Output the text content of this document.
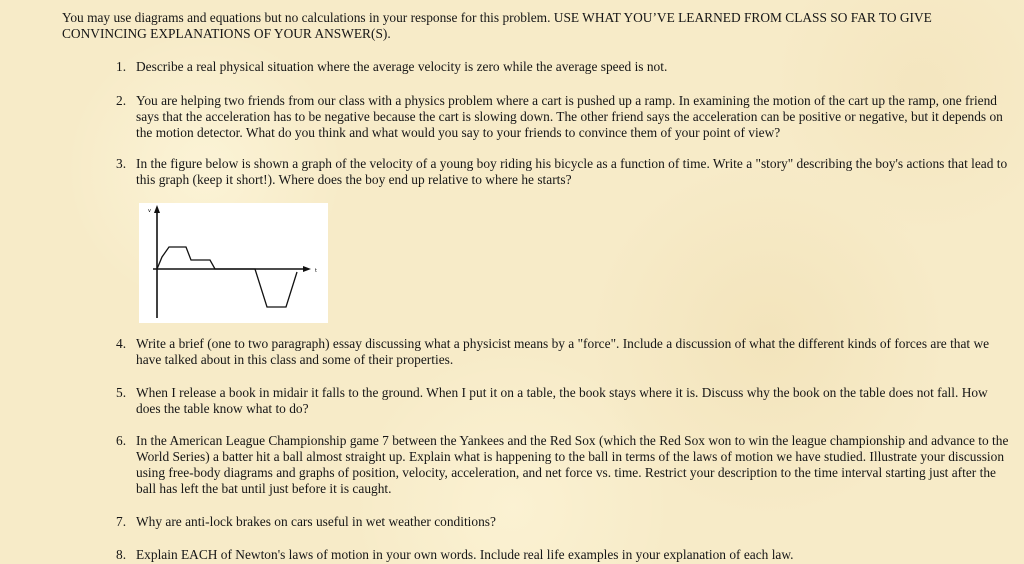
You may use diagrams and equations but no calculations in your response for this problem. USE WHAT YOU’VE LEARNED FROM CLASS SO FAR TO GIVE CONVINCING EXPLANATIONS OF YOUR ANSWER(S).
1. Describe a real physical situation where the average velocity is zero while the average speed is not.
2. You are helping two friends from our class with a physics problem where a cart is pushed up a ramp. In examining the motion of the cart up the ramp, one friend says that the acceleration has to be negative because the cart is slowing down. The other friend says the acceleration can be positive or negative, but it depends on the motion detector. What do you think and what would you say to your friends to convince them of your point of view?
3. In the figure below is shown a graph of the velocity of a young boy riding his bicycle as a function of time. Write a "story" describing the boy's actions that lead to this graph (keep it short!). Where does the boy end up relative to where he starts?
v
t
4. Write a brief (one to two paragraph) essay discussing what a physicist means by a "force". Include a discussion of what the different kinds of forces are that we have talked about in this class and some of their properties.
5. When I release a book in midair it falls to the ground. When I put it on a table, the book stays where it is. Discuss why the book on the table does not fall. How does the table know what to do?
6. In the American League Championship game 7 between the Yankees and the Red Sox (which the Red Sox won to win the league championship and advance to the World Series) a batter hit a ball almost straight up. Explain what is happening to the ball in terms of the laws of motion we have studied. Illustrate your discussion using free-body diagrams and graphs of position, velocity, acceleration, and net force vs. time. Restrict your description to the time interval starting just after the ball has left the bat until just before it is caught.
7. Why are anti-lock brakes on cars useful in wet weather conditions?
8. Explain EACH of Newton's laws of motion in your own words. Include real life examples in your explanation of each law.
